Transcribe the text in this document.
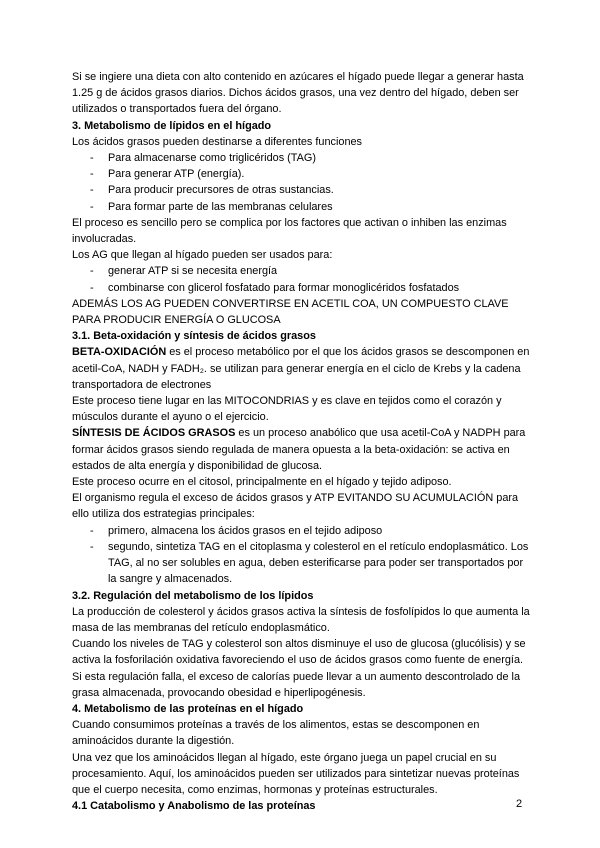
Si se ingiere una dieta con alto contenido en azúcares el hígado puede llegar a generar hasta 1.25 g de ácidos grasos diarios. Dichos ácidos grasos, una vez dentro del hígado, deben ser utilizados o transportados fuera del órgano.

3. Metabolismo de lípidos en el hígado

Los ácidos grasos pueden destinarse a diferentes funciones

- Para almacenarse como triglicéridos (TAG)
- Para generar ATP (energía).
- Para producir precursores de otras sustancias.
- Para formar parte de las membranas celulares

El proceso es sencillo pero se complica por los factores que activan o inhiben las enzimas involucradas.

Los AG que llegan al hígado pueden ser usados para:

- generar ATP si se necesita energía
- combinarse con glicerol fosfatado para formar monoglicéridos fosfatados

ADEMÁS LOS AG PUEDEN CONVERTIRSE EN ACETIL COA, UN COMPUESTO CLAVE PARA PRODUCIR ENERGÍA O GLUCOSA

3.1. Beta-oxidación y síntesis de ácidos grasos

BETA-OXIDACIÓN es el proceso metabólico por el que los ácidos grasos se descomponen en acetil-CoA, NADH y FADH₂. se utilizan para generar energía en el ciclo de Krebs y la cadena transportadora de electrones

Este proceso tiene lugar en las MITOCONDRIAS y es clave en tejidos como el corazón y músculos durante el ayuno o el ejercicio.

SÍNTESIS DE ÁCIDOS GRASOS es un proceso anabólico que usa acetil-CoA y NADPH para formar ácidos grasos siendo regulada de manera opuesta a la beta-oxidación: se activa en estados de alta energía y disponibilidad de glucosa.

Este proceso ocurre en el citosol, principalmente en el hígado y tejido adiposo.

El organismo regula el exceso de ácidos grasos y ATP EVITANDO SU ACUMULACIÓN para ello utiliza dos estrategias principales:

- primero, almacena los ácidos grasos en el tejido adiposo
- segundo, sintetiza TAG en el citoplasma y colesterol en el retículo endoplasmático. Los TAG, al no ser solubles en agua, deben esterificarse para poder ser transportados por la sangre y almacenados.

3.2. Regulación del metabolismo de los lípidos

La producción de colesterol y ácidos grasos activa la síntesis de fosfolípidos lo que aumenta la masa de las membranas del retículo endoplasmático.

Cuando los niveles de TAG y colesterol son altos disminuye el uso de glucosa (glucólisis) y se activa la fosforilación oxidativa favoreciendo el uso de ácidos grasos como fuente de energía.

Si esta regulación falla, el exceso de calorías puede llevar a un aumento descontrolado de la grasa almacenada, provocando obesidad e hiperlipogénesis.

4. Metabolismo de las proteínas en el hígado

Cuando consumimos proteínas a través de los alimentos, estas se descomponen en aminoácidos durante la digestión.

Una vez que los aminoácidos llegan al hígado, este órgano juega un papel crucial en su procesamiento. Aquí, los aminoácidos pueden ser utilizados para sintetizar nuevas proteínas que el cuerpo necesita, como enzimas, hormonas y proteínas estructurales.

4.1 Catabolismo y Anabolismo de las proteínas	2
